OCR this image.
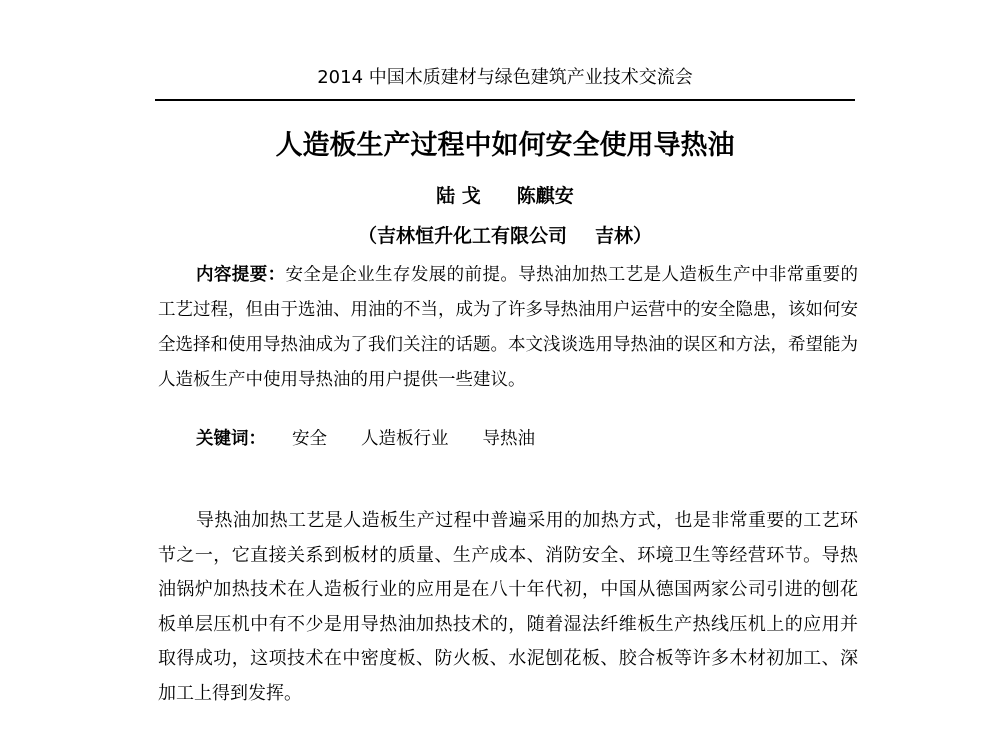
2014 中国木质建材与绿色建筑产业技术交流会
人造板生产过程中如何安全使用导热油
陆 戈 陈麒安
（吉林恒升化工有限公司 吉林）

内容提要：安全是企业生存发展的前提。导热油加热工艺是人造板生产中非常重要的工艺过程，但由于选油、用油的不当，成为了许多导热油用户运营中的安全隐患，该如何安全选择和使用导热油成为了我们关注的话题。本文浅谈选用导热油的误区和方法，希望能为人造板生产中使用导热油的用户提供一些建议。

关键词： 安全 人造板行业 导热油

导热油加热工艺是人造板生产过程中普遍采用的加热方式，也是非常重要的工艺环节之一，它直接关系到板材的质量、生产成本、消防安全、环境卫生等经营环节。导热油锅炉加热技术在人造板行业的应用是在八十年代初，中国从德国两家公司引进的刨花板单层压机中有不少是用导热油加热技术的，随着湿法纤维板生产热线压机上的应用并取得成功，这项技术在中密度板、防火板、水泥刨花板、胶合板等许多木材初加工、深加工上得到发挥。
